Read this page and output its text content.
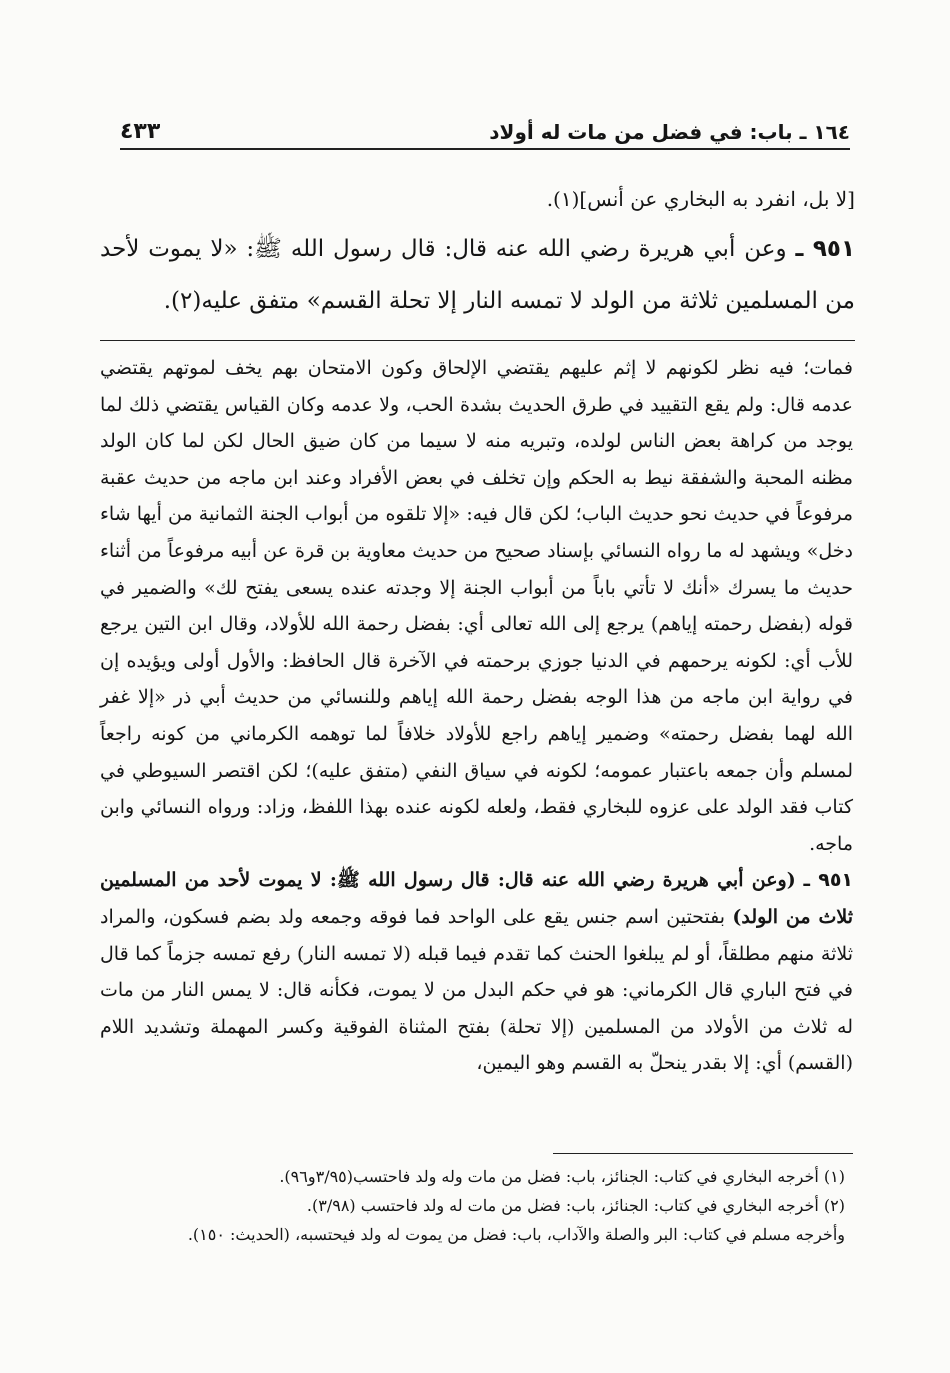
١٦٤ ـ باب: في فضل من مات له أولاد
٤٣٣
[لا بل، انفرد به البخاري عن أنس](١).
٩٥١ ـ وعن أبي هريرة رضي الله عنه قال: قال رسول الله ﷺ: «لا يموت لأحد من المسلمين ثلاثة من الولد لا تمسه النار إلا تحلة القسم» متفق عليه(٢).

فمات؛ فيه نظر لكونهم لا إثم عليهم يقتضي الإلحاق وكون الامتحان بهم يخف لموتهم يقتضي عدمه قال: ولم يقع التقييد في طرق الحديث بشدة الحب، ولا عدمه وكان القياس يقتضي ذلك لما يوجد من كراهة بعض الناس لولده، وتبريه منه لا سيما من كان ضيق الحال لكن لما كان الولد مظنه المحبة والشفقة نيط به الحكم وإن تخلف في بعض الأفراد وعند ابن ماجه من حديث عقبة مرفوعاً في حديث نحو حديث الباب؛ لكن قال فيه: «إلا تلقوه من أبواب الجنة الثمانية من أيها شاء دخل» ويشهد له ما رواه النسائي بإسناد صحيح من حديث معاوية بن قرة عن أبيه مرفوعاً من أثناء حديث ما يسرك «أنك لا تأتي باباً من أبواب الجنة إلا وجدته عنده يسعى يفتح لك» والضمير في قوله (بفضل رحمته إياهم) يرجع إلى الله تعالى أي: بفضل رحمة الله للأولاد، وقال ابن التين يرجع للأب أي: لكونه يرحمهم في الدنيا جوزي برحمته في الآخرة قال الحافظ: والأول أولى ويؤيده إن في رواية ابن ماجه من هذا الوجه بفضل رحمة الله إياهم وللنسائي من حديث أبي ذر «إلا غفر الله لهما بفضل رحمته» وضمير إياهم راجع للأولاد خلافاً لما توهمه الكرماني من كونه راجعاً لمسلم وأن جمعه باعتبار عمومه؛ لكونه في سياق النفي (متفق عليه)؛ لكن اقتصر السيوطي في كتاب فقد الولد على عزوه للبخاري فقط، ولعله لكونه عنده بهذا اللفظ، وزاد: ورواه النسائي وابن ماجه.

٩٥١ ـ (وعن أبي هريرة رضي الله عنه قال: قال رسول الله ﷺ: لا يموت لأحد من المسلمين ثلاث من الولد) بفتحتين اسم جنس يقع على الواحد فما فوقه وجمعه ولد بضم فسكون، والمراد ثلاثة منهم مطلقاً، أو لم يبلغوا الحنث كما تقدم فيما قبله (لا تمسه النار) رفع تمسه جزماً كما قال في فتح الباري قال الكرماني: هو في حكم البدل من لا يموت، فكأنه قال: لا يمس النار من مات له ثلاث من الأولاد من المسلمين (إلا تحلة) بفتح المثناة الفوقية وكسر المهملة وتشديد اللام (القسم) أي: إلا بقدر ينحلّ به القسم وهو اليمين،

(١) أخرجه البخاري في كتاب: الجنائز، باب: فضل من مات وله ولد فاحتسب(٣/٩٥و٩٦).

(٢) أخرجه البخاري في كتاب: الجنائز، باب: فضل من مات له ولد فاحتسب (٣/٩٨).

وأخرجه مسلم في كتاب: البر والصلة والآداب، باب: فضل من يموت له ولد فيحتسبه، (الحديث: ١٥٠).
